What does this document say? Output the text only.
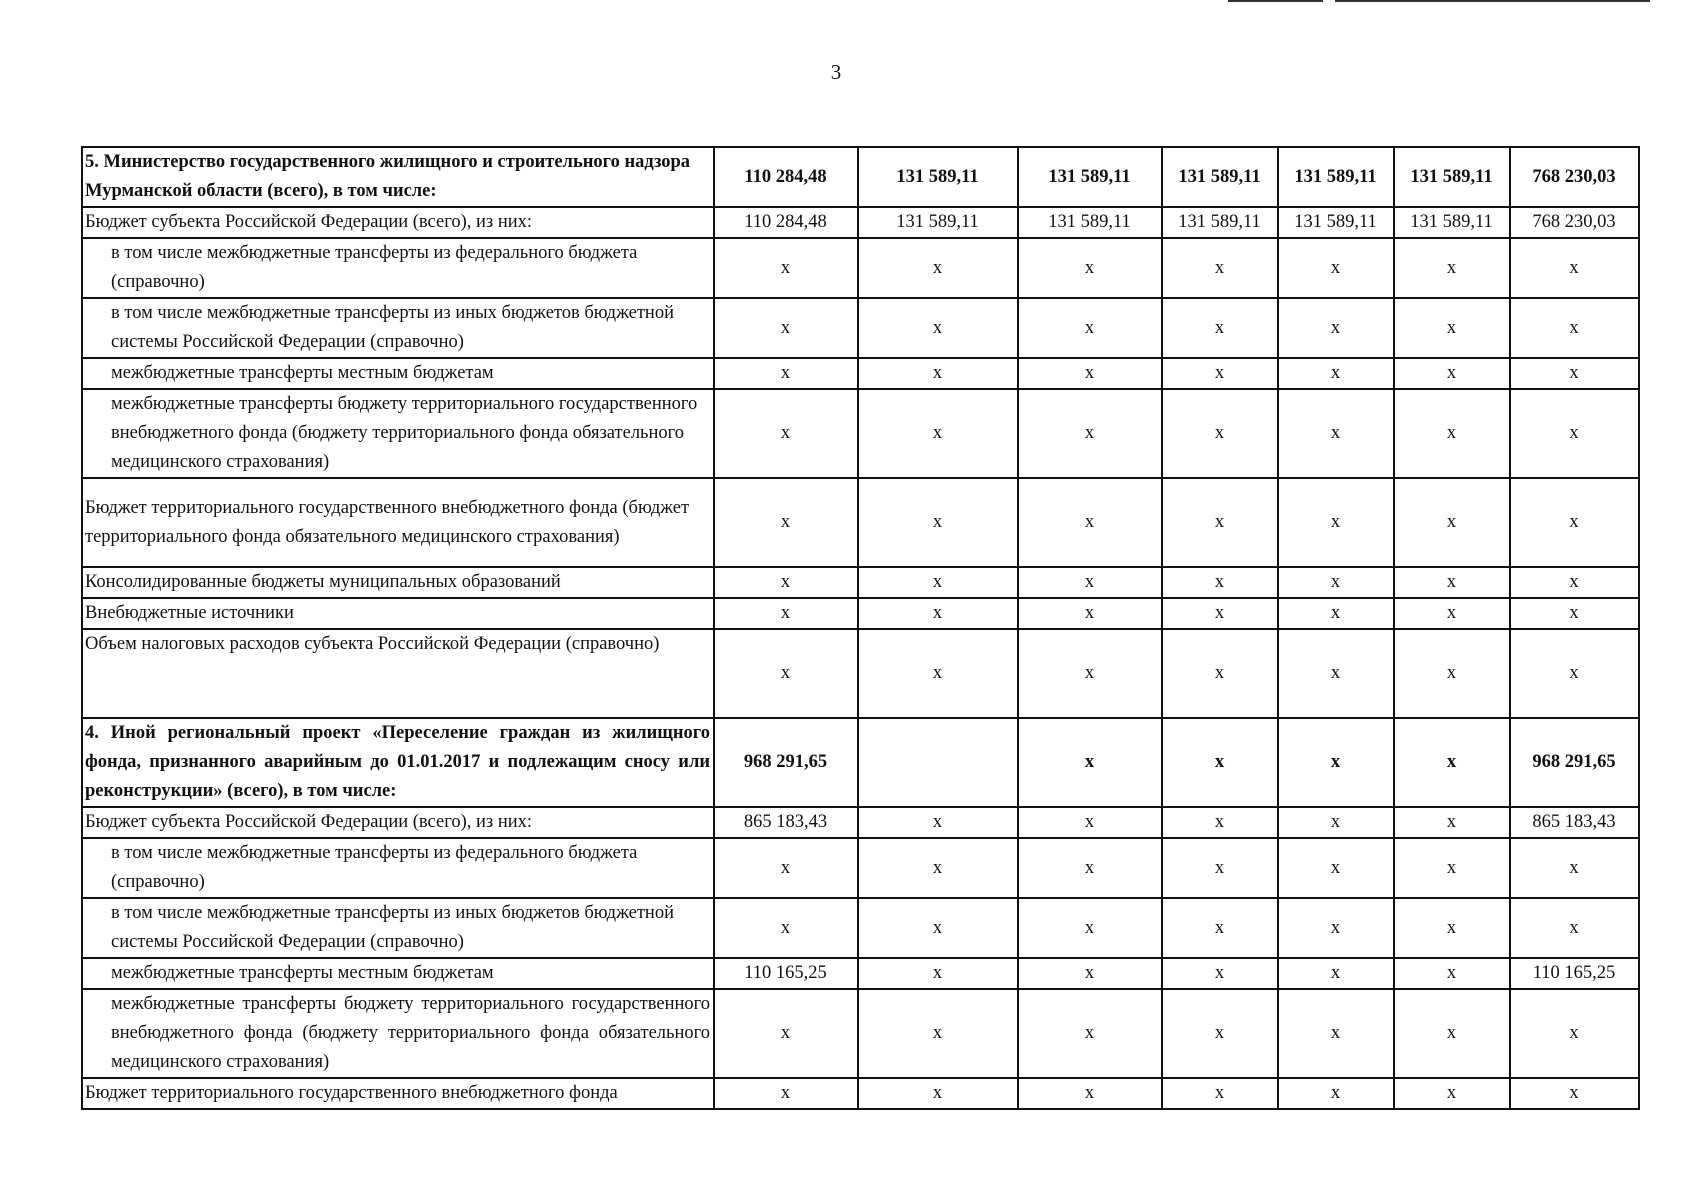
3
5. Министерство государственного жилищного и строительного надзора Мурманской области (всего), в том числе:	110 284,48	131 589,11	131 589,11	131 589,11	131 589,11	131 589,11	768 230,03
Бюджет субъекта Российской Федерации (всего), из них:	110 284,48	131 589,11	131 589,11	131 589,11	131 589,11	131 589,11	768 230,03
в том числе межбюджетные трансферты из федерального бюджета (справочно)	x	x	x	x	x	x	x
в том числе межбюджетные трансферты из иных бюджетов бюджетной системы Российской Федерации (справочно)	x	x	x	x	x	x	x
межбюджетные трансферты местным бюджетам	x	x	x	x	x	x	x
межбюджетные трансферты бюджету территориального государственного внебюджетного фонда (бюджету территориального фонда обязательного медицинского страхования)	x	x	x	x	x	x	x
Бюджет территориального государственного внебюджетного фонда (бюджет территориального фонда обязательного медицинского страхования)	x	x	x	x	x	x	x
Консолидированные бюджеты муниципальных образований	x	x	x	x	x	x	x
Внебюджетные источники	x	x	x	x	x	x	x
Объем налоговых расходов субъекта Российской Федерации (справочно)	x	x	x	x	x	x	x
4. Иной региональный проект «Переселение граждан из жилищного фонда, признанного аварийным до 01.01.2017 и подлежащим сносу или реконструкции» (всего), в том числе:	968 291,65		x	x	x	x	968 291,65
Бюджет субъекта Российской Федерации (всего), из них:	865 183,43	x	x	x	x	x	865 183,43
в том числе межбюджетные трансферты из федерального бюджета (справочно)	x	x	x	x	x	x	x
в том числе межбюджетные трансферты из иных бюджетов бюджетной системы Российской Федерации (справочно)	x	x	x	x	x	x	x
межбюджетные трансферты местным бюджетам	110 165,25	x	x	x	x	x	110 165,25
межбюджетные трансферты бюджету территориального государственного внебюджетного фонда (бюджету территориального фонда обязательного медицинского страхования)	x	x	x	x	x	x	x
Бюджет территориального государственного внебюджетного фонда	x	x	x	x	x	x	x
